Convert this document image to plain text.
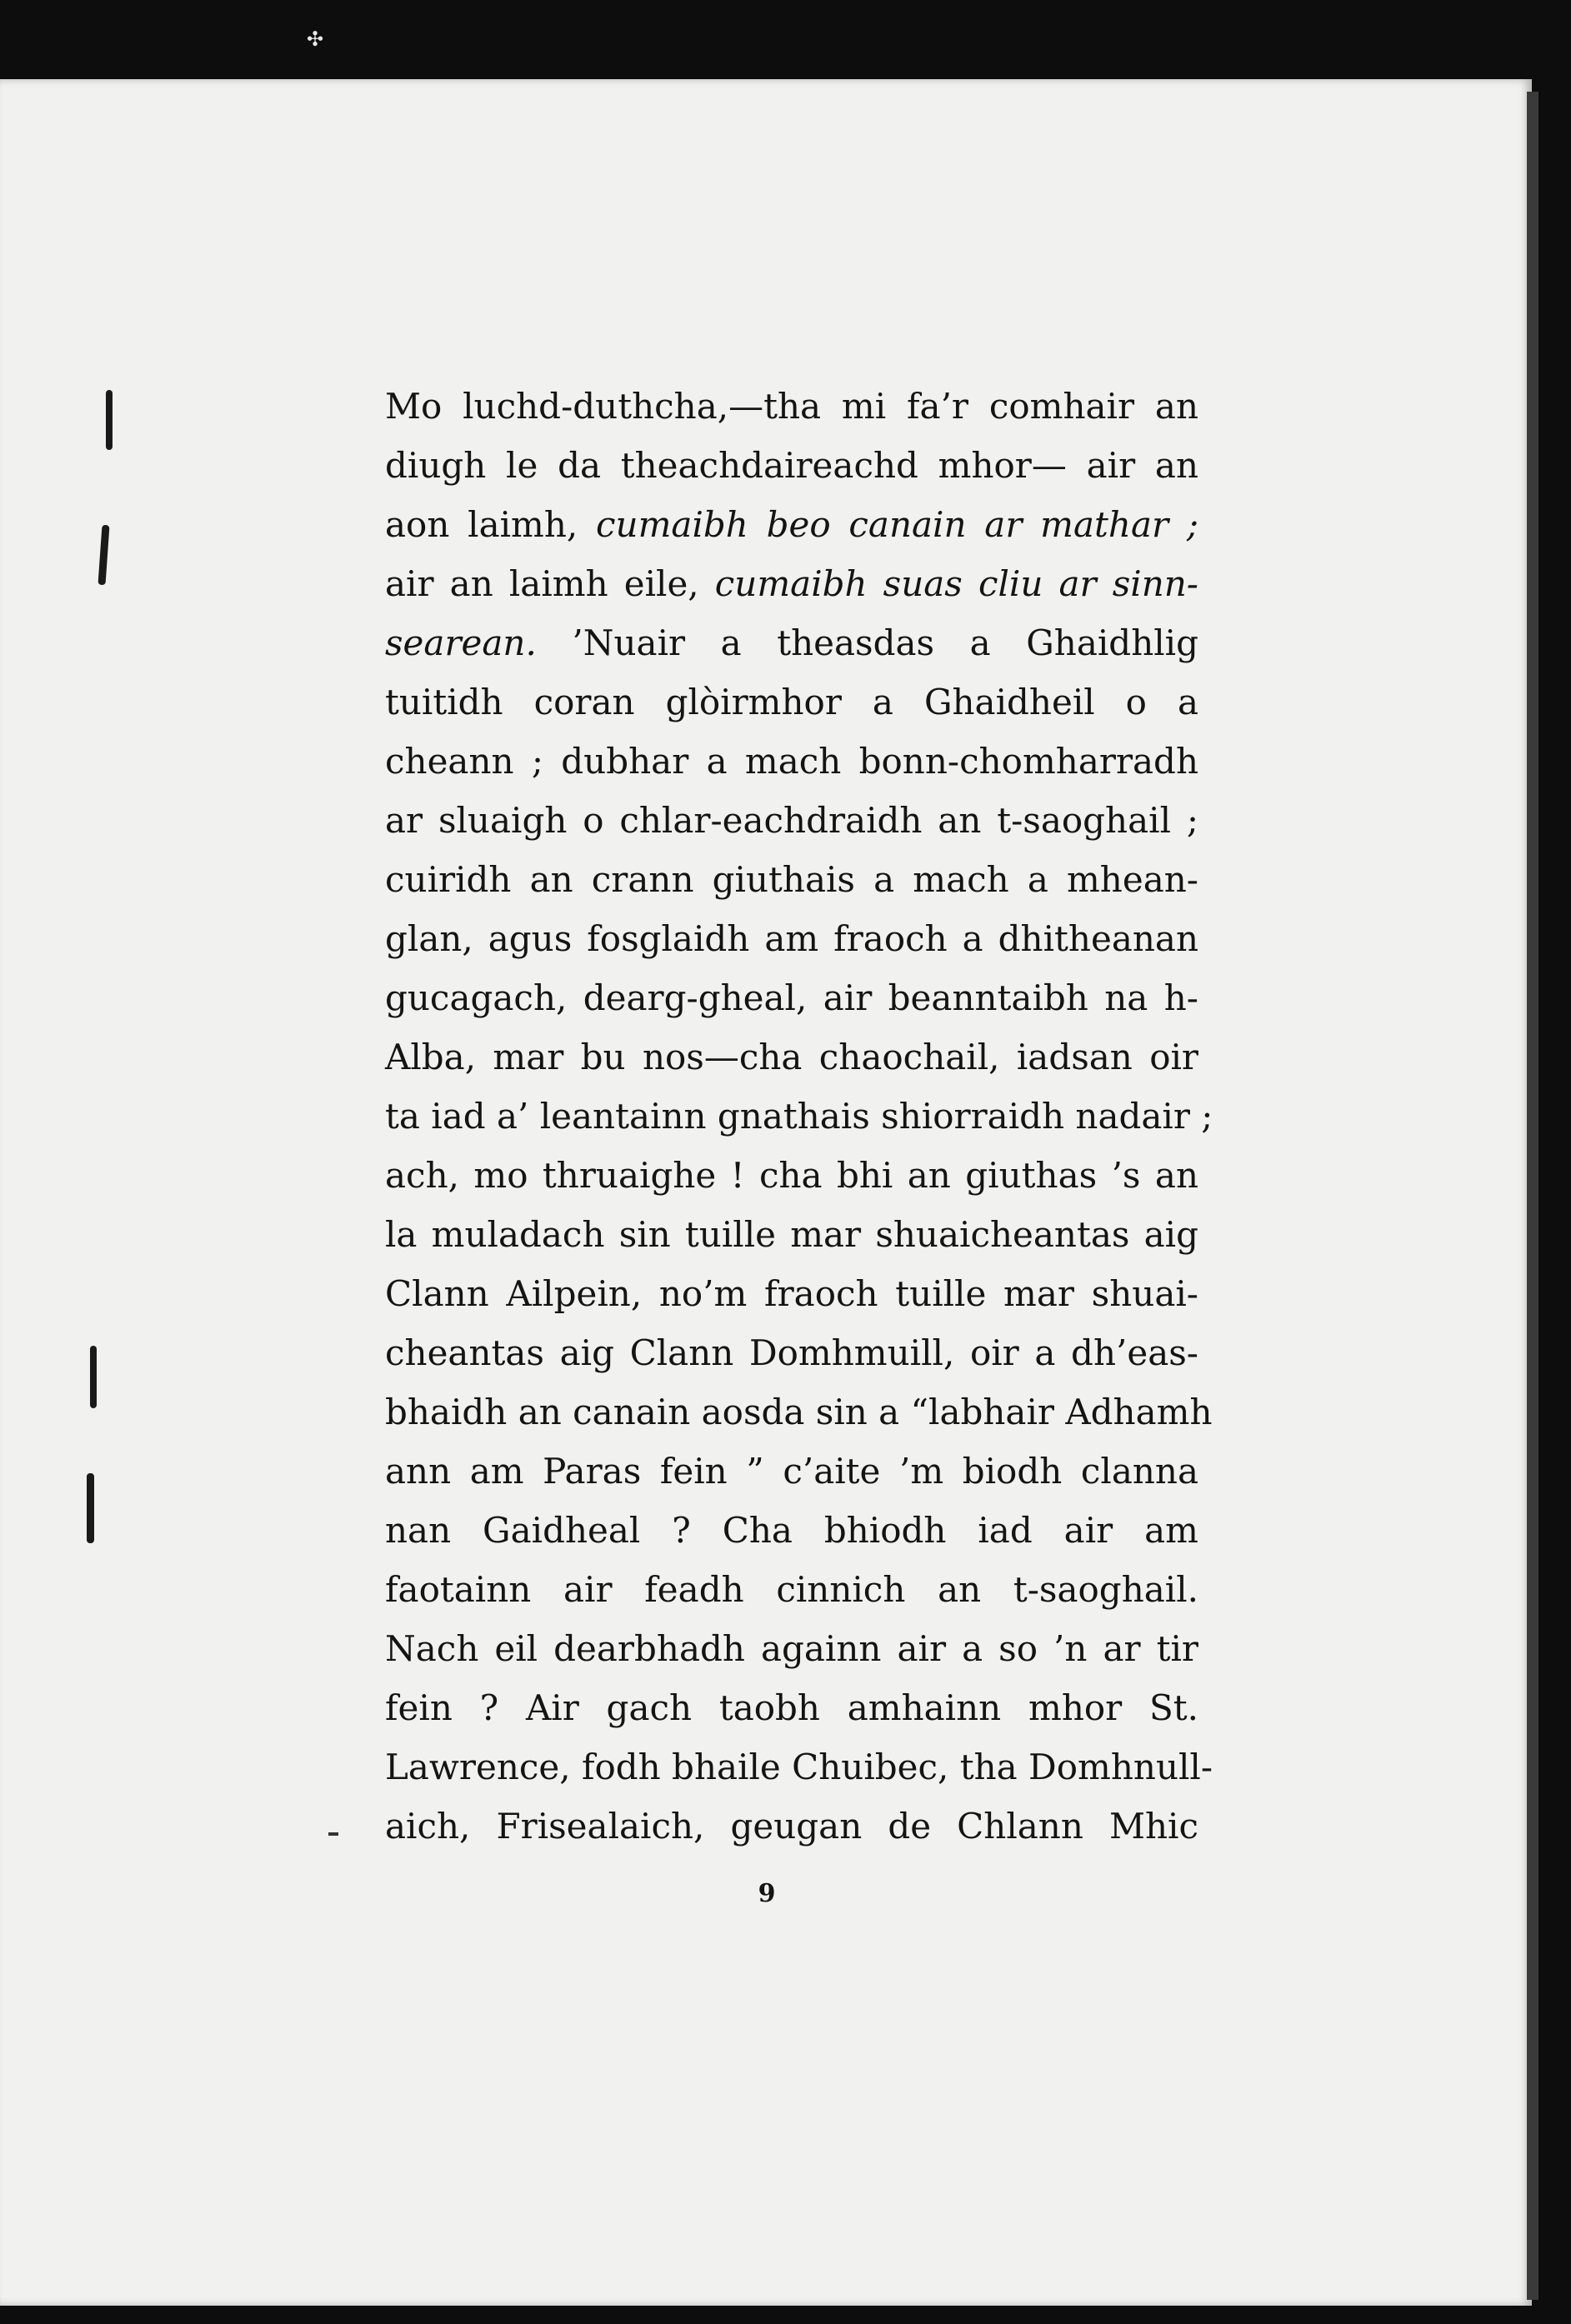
✣
Mo luchd-duthcha,—tha mi fa’r comhair an
diugh le da theachdaireachd mhor— air an
aon laimh, cumaibh beo canain ar mathar ;
air an laimh eile, cumaibh suas cliu ar sinn-
searean. ’Nuair a theasdas a Ghaidhlig
tuitidh coran glòirmhor a Ghaidheil o a
cheann ; dubhar a mach bonn-chomharradh
ar sluaigh o chlar-eachdraidh an t-saoghail ;
cuiridh an crann giuthais a mach a mhean-
glan, agus fosglaidh am fraoch a dhitheanan
gucagach, dearg-gheal, air beanntaibh na h-
Alba, mar bu nos—cha chaochail, iadsan oir
ta iad a’ leantainn gnathais shiorraidh nadair ;
ach, mo thruaighe ! cha bhi an giuthas ’s an
la muladach sin tuille mar shuaicheantas aig
Clann Ailpein, no’m fraoch tuille mar shuai-
cheantas aig Clann Domhmuill, oir a dh’eas-
bhaidh an canain aosda sin a “labhair Adhamh
ann am Paras fein ” c’aite ’m biodh clanna
nan Gaidheal ? Cha bhiodh iad air am
faotainn air feadh cinnich an t-saoghail.
Nach eil dearbhadh againn air a so ’n ar tir
fein ? Air gach taobh amhainn mhor St.
Lawrence, fodh bhaile Chuibec, tha Domhnull-
aich, Frisealaich, geugan de Chlann Mhic
9
